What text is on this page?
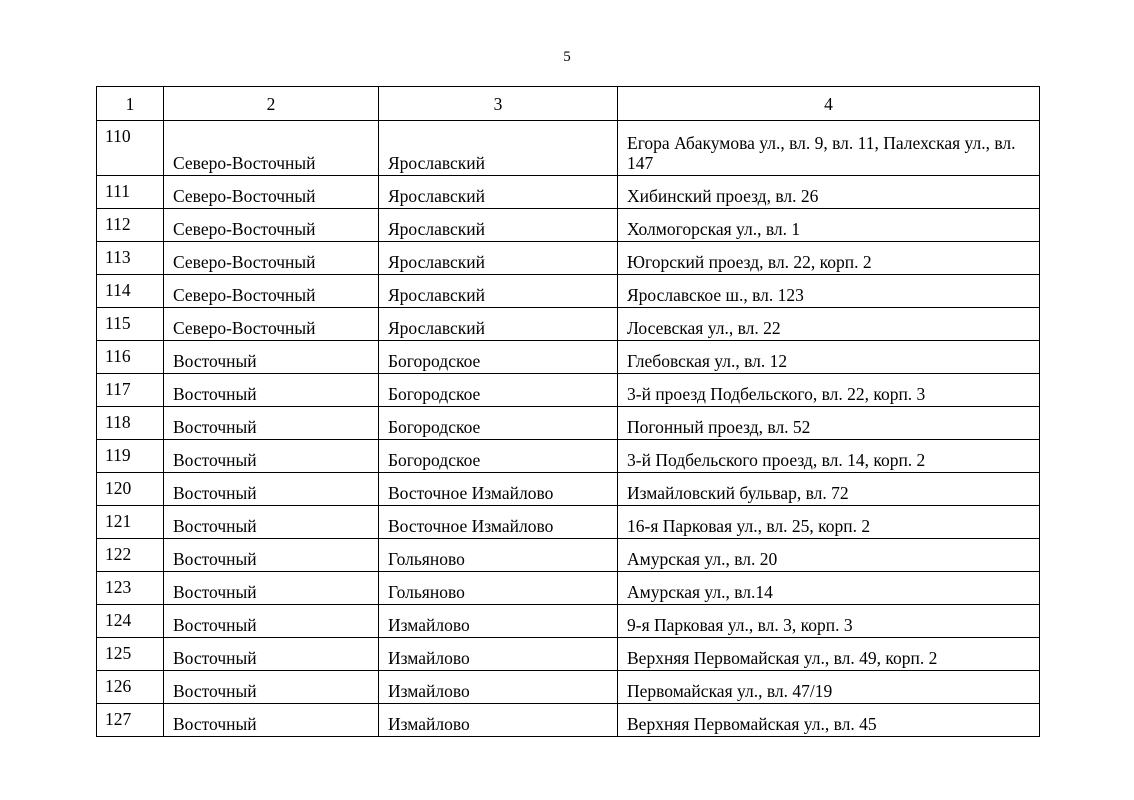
5
1	2	3	4
110	Северо-Восточный	Ярославский	Егора Абакумова ул., вл. 9, вл. 11, Палехская ул., вл. 147
111	Северо-Восточный	Ярославский	Хибинский проезд, вл. 26
112	Северо-Восточный	Ярославский	Холмогорская ул., вл. 1
113	Северо-Восточный	Ярославский	Югорский проезд, вл. 22, корп. 2
114	Северо-Восточный	Ярославский	Ярославское ш., вл. 123
115	Северо-Восточный	Ярославский	Лосевская ул., вл. 22
116	Восточный	Богородское	Глебовская ул., вл. 12
117	Восточный	Богородское	3-й проезд Подбельского, вл. 22, корп. 3
118	Восточный	Богородское	Погонный проезд, вл. 52
119	Восточный	Богородское	3-й Подбельского проезд, вл. 14, корп. 2
120	Восточный	Восточное Измайлово	Измайловский бульвар, вл. 72
121	Восточный	Восточное Измайлово	16-я Парковая ул., вл. 25, корп. 2
122	Восточный	Гольяново	Амурская ул., вл. 20
123	Восточный	Гольяново	Амурская ул., вл.14
124	Восточный	Измайлово	9-я Парковая ул., вл. 3, корп. 3
125	Восточный	Измайлово	Верхняя Первомайская ул., вл. 49, корп. 2
126	Восточный	Измайлово	Первомайская ул., вл. 47/19
127	Восточный	Измайлово	Верхняя Первомайская ул., вл. 45
